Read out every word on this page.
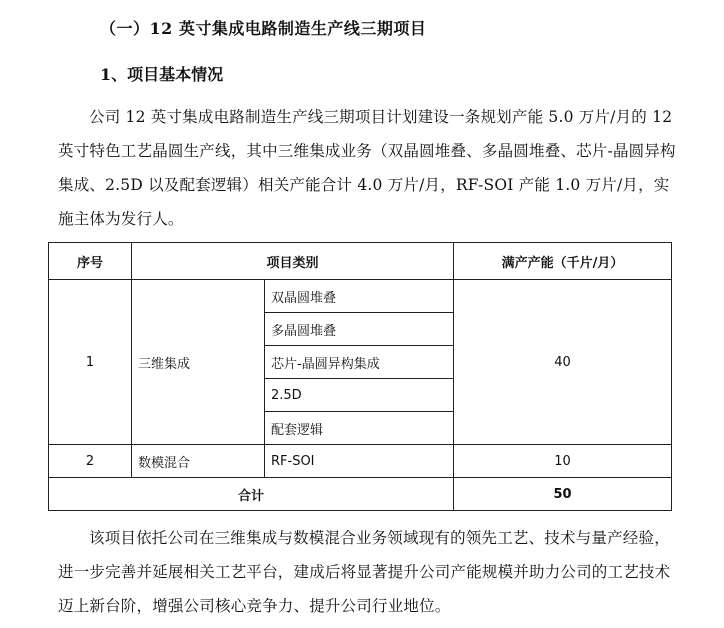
（一）12 英寸集成电路制造生产线三期项目
1、项目基本情况

公司 12 英寸集成电路制造生产线三期项目计划建设一条规划产能 5.0 万片/月的 12 英寸特色工艺晶圆生产线，其中三维集成业务（双晶圆堆叠、多晶圆堆叠、芯片-晶圆异构集成、2.5D 以及配套逻辑）相关产能合计 4.0 万片/月，RF-SOI 产能 1.0 万片/月，实施主体为发行人。

序号	项目类别		满产产能（千片/月）
1	三维集成	双晶圆堆叠	40
		多晶圆堆叠	
		芯片-晶圆异构集成	
		2.5D	
		配套逻辑	
2	数模混合	RF-SOI	10
合计			50

该项目依托公司在三维集成与数模混合业务领域现有的领先工艺、技术与量产经验，进一步完善并延展相关工艺平台，建成后将显著提升公司产能规模并助力公司的工艺技术迈上新台阶，增强公司核心竞争力、提升公司行业地位。
